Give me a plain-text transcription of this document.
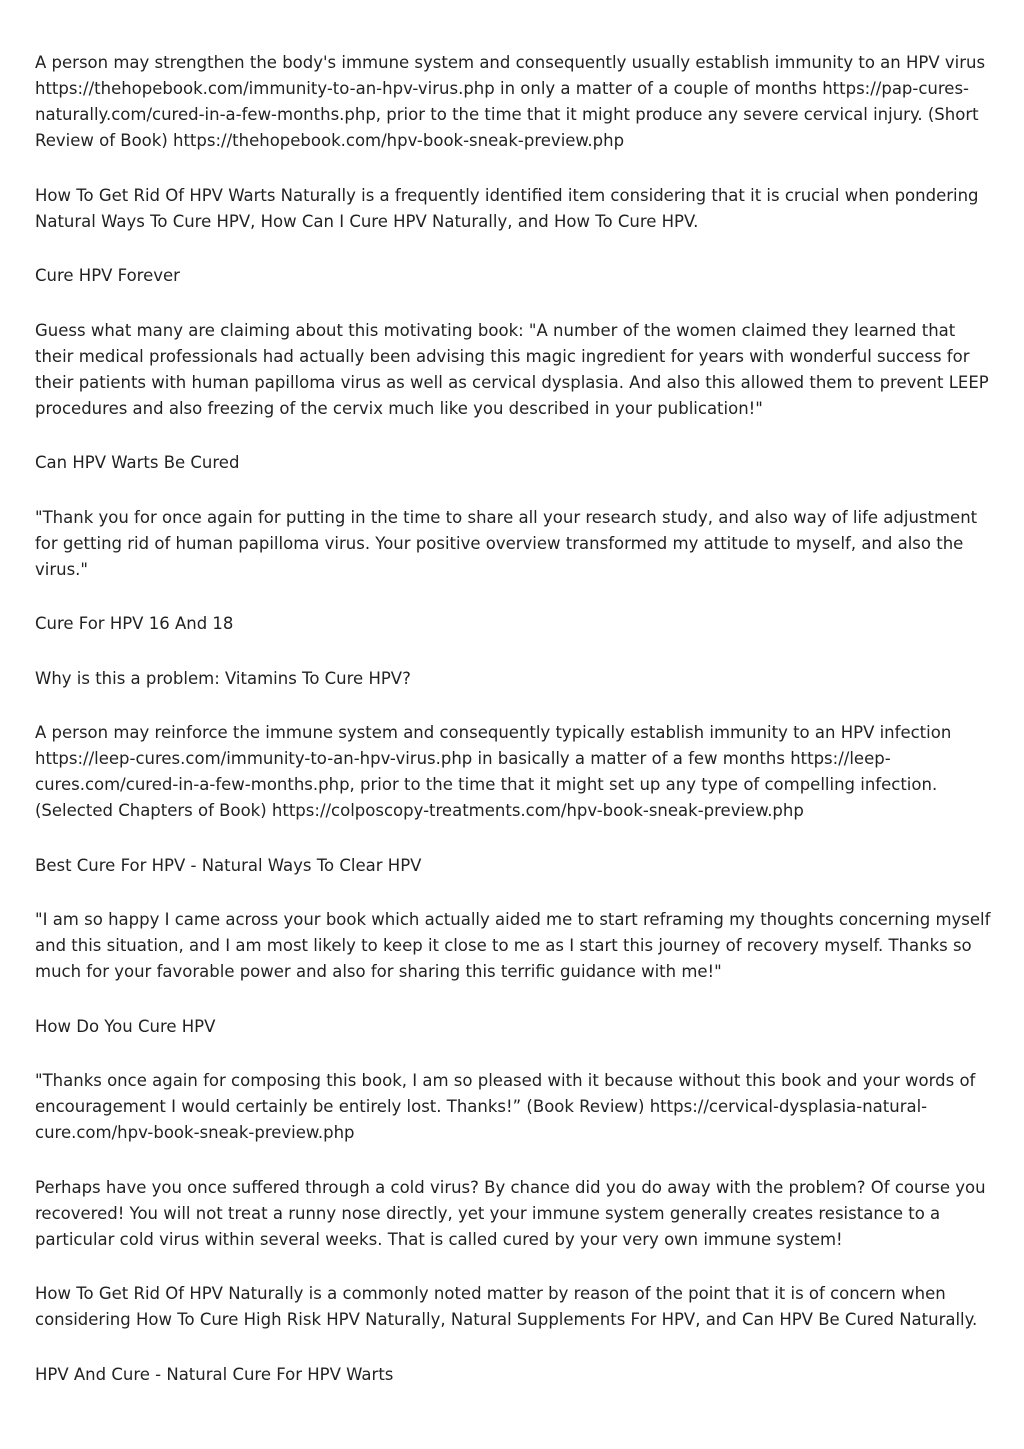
A person may strengthen the body's immune system and consequently usually establish immunity to an HPV virus https://thehopebook.com/immunity-to-an-hpv-virus.php in only a matter of a couple of months https://pap-cures-naturally.com/cured-in-a-few-months.php, prior to the time that it might produce any severe cervical injury. (Short Review of Book) https://thehopebook.com/hpv-book-sneak-preview.php

How To Get Rid Of HPV Warts Naturally is a frequently identified item considering that it is crucial when pondering Natural Ways To Cure HPV, How Can I Cure HPV Naturally, and How To Cure HPV.

Cure HPV Forever

Guess what many are claiming about this motivating book: "A number of the women claimed they learned that their medical professionals had actually been advising this magic ingredient for years with wonderful success for their patients with human papilloma virus as well as cervical dysplasia. And also this allowed them to prevent LEEP procedures and also freezing of the cervix much like you described in your publication!"

Can HPV Warts Be Cured

"Thank you for once again for putting in the time to share all your research study, and also way of life adjustment for getting rid of human papilloma virus. Your positive overview transformed my attitude to myself, and also the virus."

Cure For HPV 16 And 18

Why is this a problem: Vitamins To Cure HPV?

A person may reinforce the immune system and consequently typically establish immunity to an HPV infection https://leep-cures.com/immunity-to-an-hpv-virus.php in basically a matter of a few months https://leep-cures.com/cured-in-a-few-months.php, prior to the time that it might set up any type of compelling infection. (Selected Chapters of Book) https://colposcopy-treatments.com/hpv-book-sneak-preview.php

Best Cure For HPV - Natural Ways To Clear HPV

"I am so happy I came across your book which actually aided me to start reframing my thoughts concerning myself and this situation, and I am most likely to keep it close to me as I start this journey of recovery myself. Thanks so much for your favorable power and also for sharing this terrific guidance with me!"

How Do You Cure HPV

"Thanks once again for composing this book, I am so pleased with it because without this book and your words of encouragement I would certainly be entirely lost. Thanks!” (Book Review) https://cervical-dysplasia-natural-cure.com/hpv-book-sneak-preview.php

Perhaps have you once suffered through a cold virus? By chance did you do away with the problem? Of course you recovered! You will not treat a runny nose directly, yet your immune system generally creates resistance to a particular cold virus within several weeks. That is called cured by your very own immune system!

How To Get Rid Of HPV Naturally is a commonly noted matter by reason of the point that it is of concern when considering How To Cure High Risk HPV Naturally, Natural Supplements For HPV, and Can HPV Be Cured Naturally.

HPV And Cure - Natural Cure For HPV Warts
